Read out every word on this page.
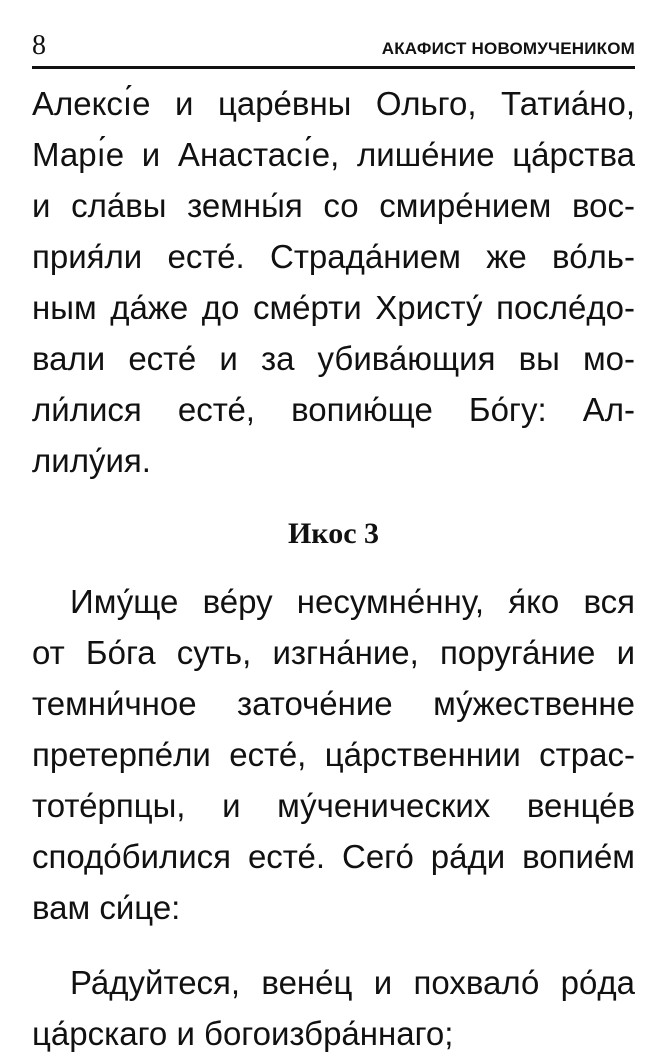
8	АКАФИСТ НОВОМУЧЕНИКОМ
Алексı́е и царе́вны Ольго, Татиа́но,
Марı́е и Анастасı́е, лише́ние ца́рства
и сла́вы земны́я со смире́нием вос-
прия́ли есте́. Страда́нием же во́ль-
ным да́же до сме́рти Христу́ после́до-
вали есте́ и за убива́ющия вы мо-
ли́лися есте́, вопию́ще Бо́гу: Ал-
лилу́ия.
Икос 3
Иму́ще ве́ру несумне́нну, я́ко вся
от Бо́га суть, изгна́ние, поруга́ние и
темни́чное заточе́ние му́жественне
претерпе́ли есте́, ца́рственнии страс-
тоте́рпцы, и му́ченических венце́в
сподо́билися есте́. Сего́ ра́ди вопие́м
вам си́це:
Ра́дуйтеся, вене́ц и похвало́ ро́да
ца́рскаго и богоизбра́ннаго;
